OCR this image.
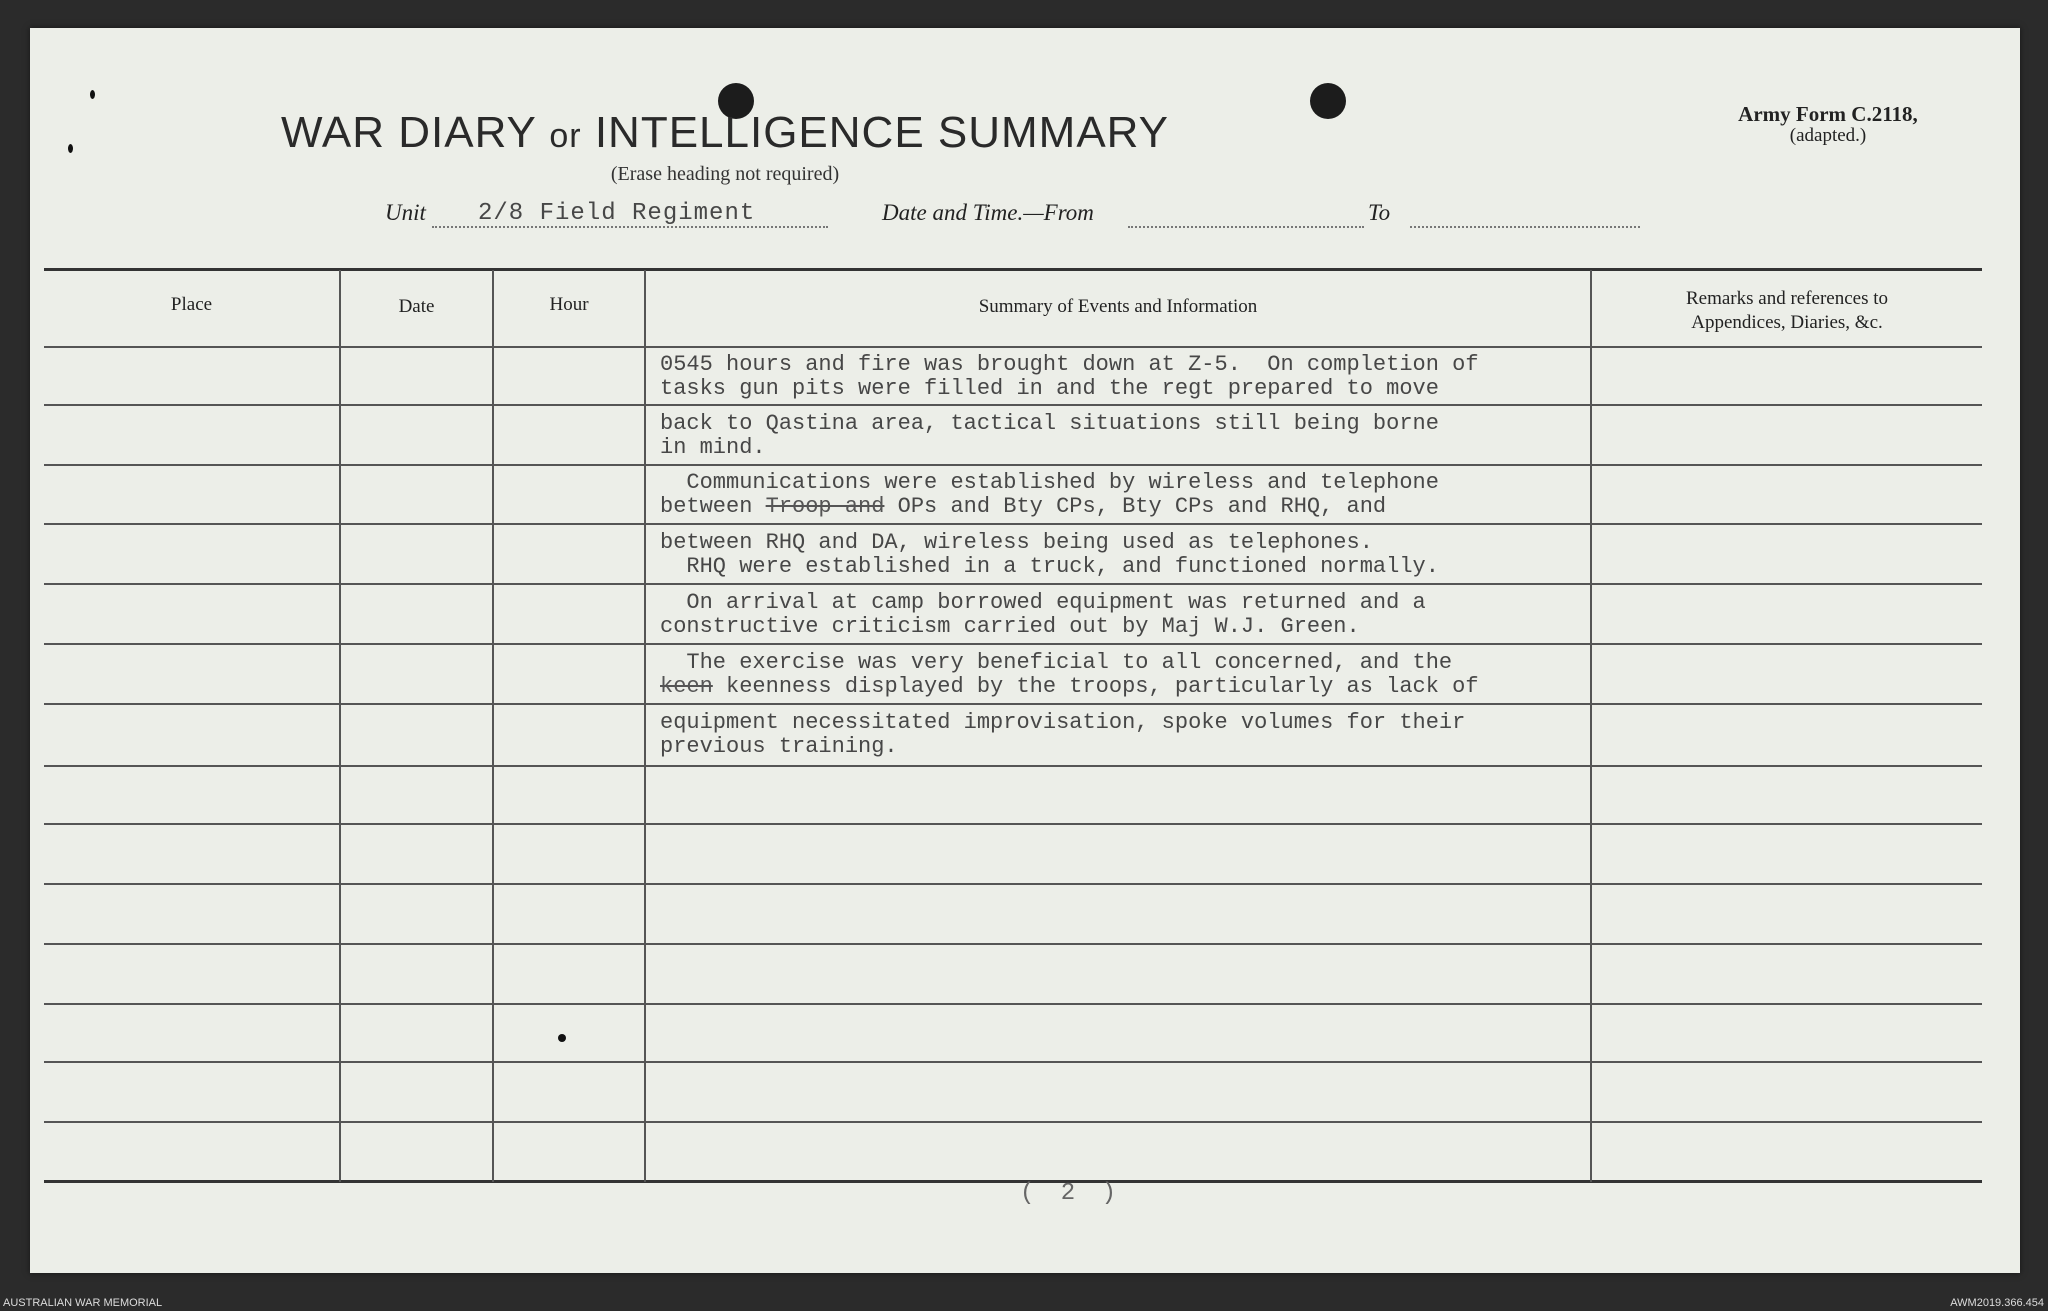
WAR DIARY or INTELLIGENCE SUMMARY
(Erase heading not required)
Army Form C.2118,
(adapted.)
Unit 2/8 Field Regiment	Date and Time.—From	To
Place	Date	Hour	Summary of Events and Information	Remarks and references to
Appendices, Diaries, &c.
0545 hours and fire was brought down at Z-5.  On completion of
tasks gun pits were filled in and the regt prepared to move
back to Qastina area, tactical situations still being borne
in mind.
Communications were established by wireless and telephone
between Troop and OPs and Bty CPs, Bty CPs and RHQ, and
between RHQ and DA, wireless being used as telephones.
RHQ were established in a truck, and functioned normally.
On arrival at camp borrowed equipment was returned and a
constructive criticism carried out by Maj W.J. Green.
The exercise was very beneficial to all concerned, and the
keen keenness displayed by the troops, particularly as lack of
equipment necessitated improvisation, spoke volumes for their
previous training.
( 2 )
AUSTRALIAN WAR MEMORIAL	AWM2019.366.454
